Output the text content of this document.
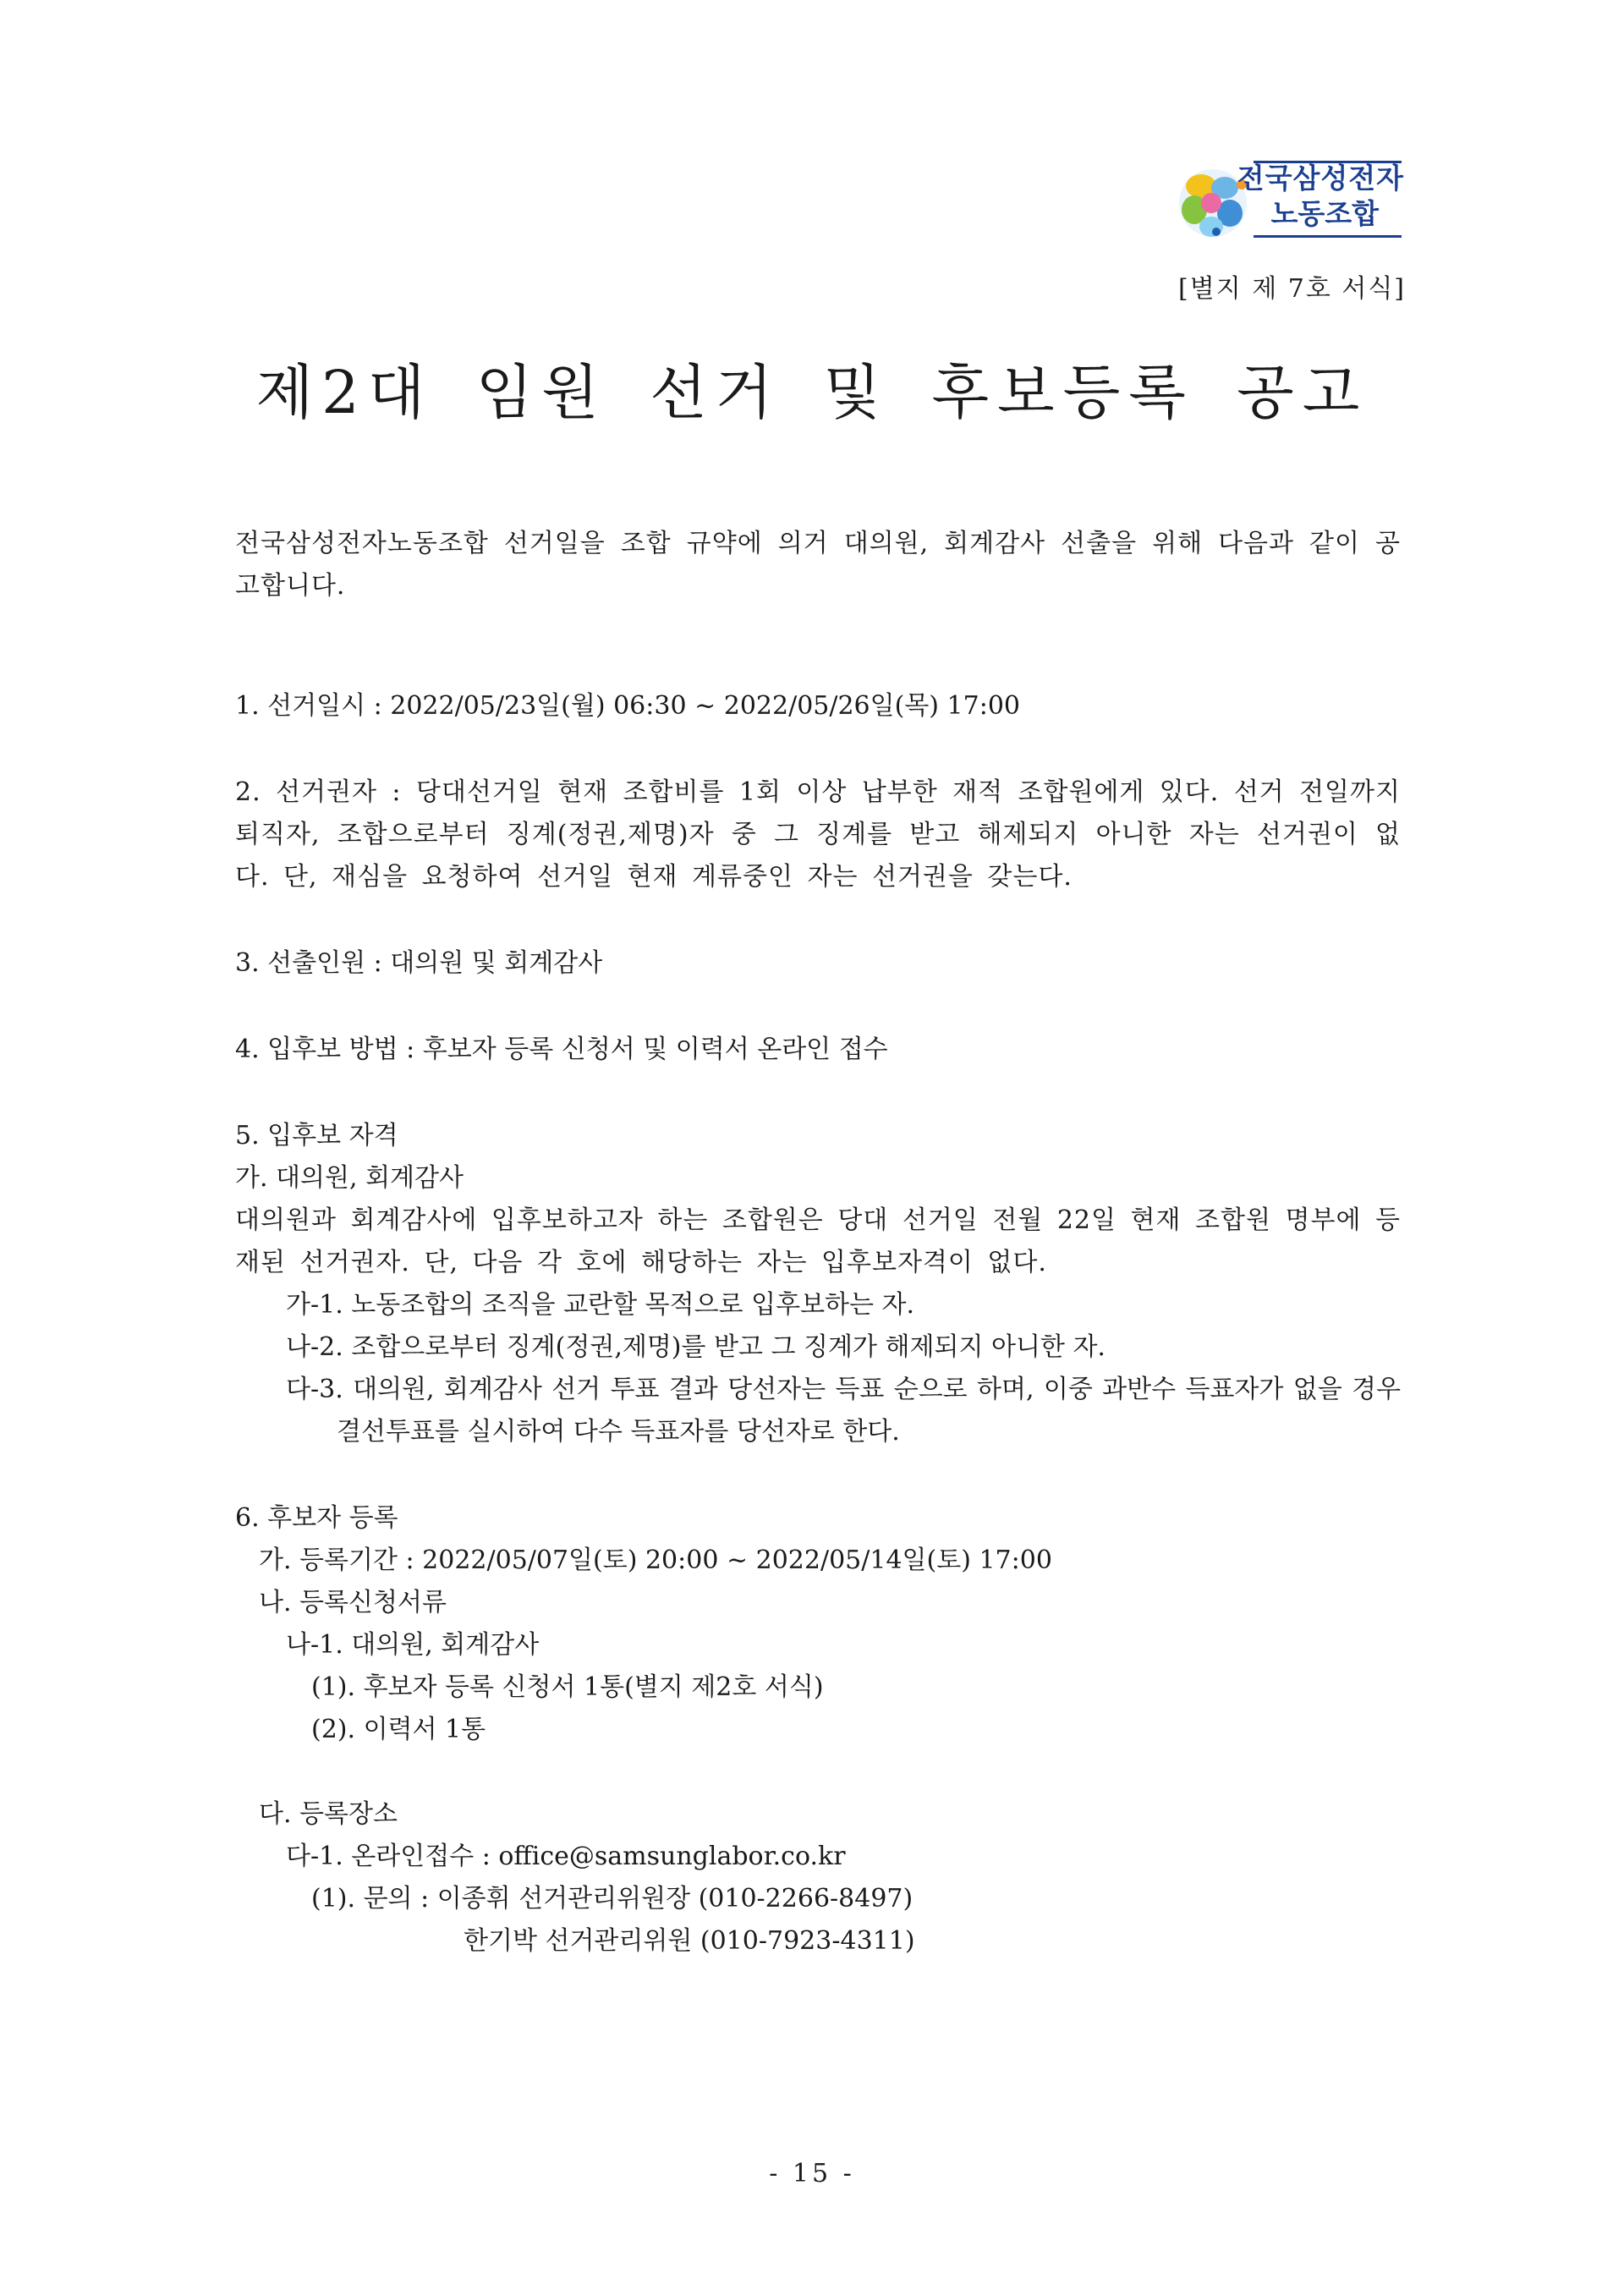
전국삼성전자
노동조합
[별지 제 7호 서식]
제2대 임원 선거 및 후보등록 공고
전국삼성전자노동조합 선거일을 조합 규약에 의거 대의원, 회계감사 선출을 위해 다음과 같이 공고합니다.
1. 선거일시 : 2022/05/23일(월) 06:30 ~ 2022/05/26일(목) 17:00
2. 선거권자 : 당대선거일 현재 조합비를 1회 이상 납부한 재적 조합원에게 있다. 선거 전일까지 퇴직자, 조합으로부터 징계(정권,제명)자 중 그 징계를 받고 해제되지 아니한 자는 선거권이 없다. 단, 재심을 요청하여 선거일 현재 계류중인 자는 선거권을 갖는다.
3. 선출인원 : 대의원 및 회계감사
4. 입후보 방법 : 후보자 등록 신청서 및 이력서 온라인 접수
5. 입후보 자격
가. 대의원, 회계감사
대의원과 회계감사에 입후보하고자 하는 조합원은 당대 선거일 전월 22일 현재 조합원 명부에 등재된 선거권자. 단, 다음 각 호에 해당하는 자는 입후보자격이 없다.
가-1. 노동조합의 조직을 교란할 목적으로 입후보하는 자.
나-2. 조합으로부터 징계(정권,제명)를 받고 그 징계가 해제되지 아니한 자.
다-3. 대의원, 회계감사 선거 투표 결과 당선자는 득표 순으로 하며, 이중 과반수 득표자가 없을 경우 결선투표를 실시하여 다수 득표자를 당선자로 한다.
6. 후보자 등록
가. 등록기간 : 2022/05/07일(토) 20:00 ~ 2022/05/14일(토) 17:00
나. 등록신청서류
나-1. 대의원, 회계감사
(1). 후보자 등록 신청서 1통(별지 제2호 서식)
(2). 이력서 1통
다. 등록장소
다-1. 온라인접수 : office@samsunglabor.co.kr
(1). 문의 : 이종휘 선거관리위원장 (010-2266-8497)
한기박 선거관리위원 (010-7923-4311)
- 15 -
